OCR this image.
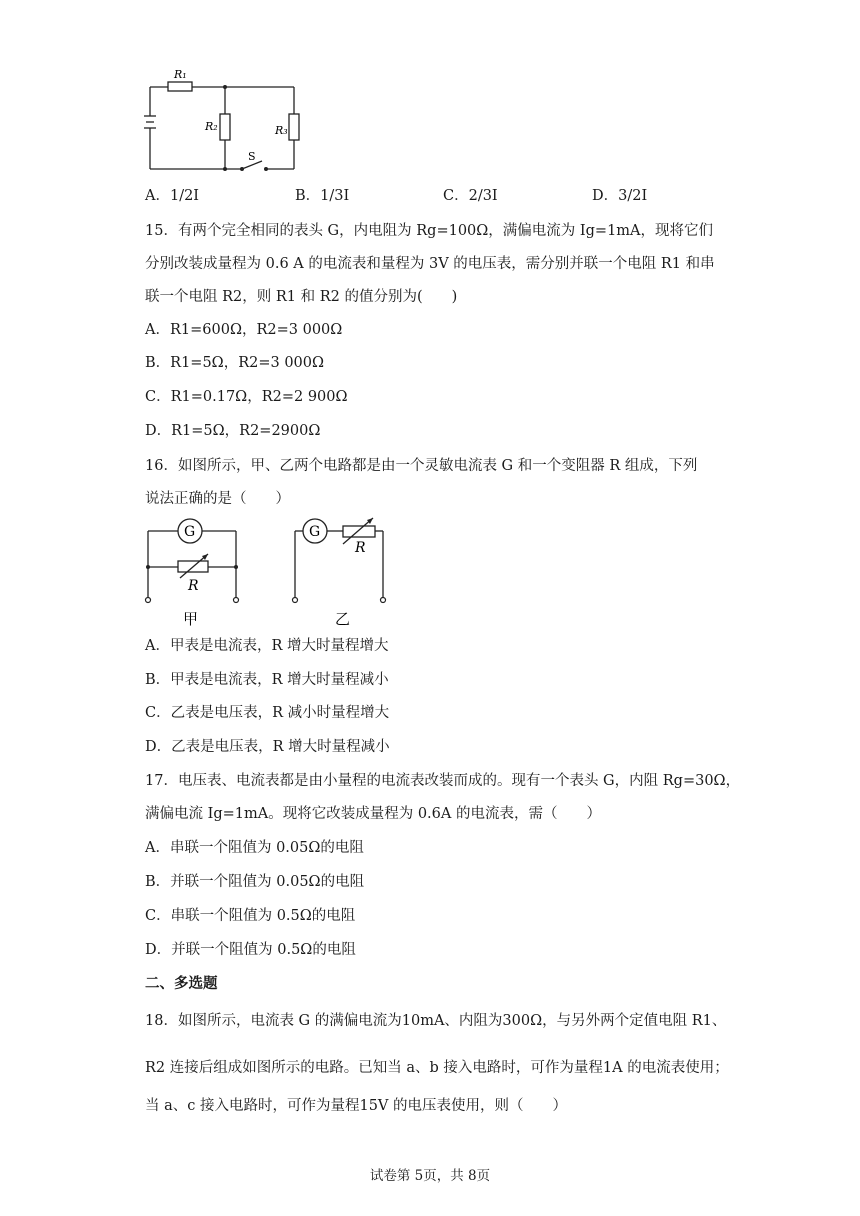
R₁
R₂	R₃
S
A．1/2I	B．1/3I	C．2/3I	D．3/2I
15．有两个完全相同的表头 G，内电阻为 Rg=100Ω，满偏电流为 Ig=1mA，现将它们
分别改装成量程为 0.6 A 的电流表和量程为 3V 的电压表，需分别并联一个电阻 R1 和串
联一个电阻 R2，则 R1 和 R2 的值分别为(　　)
A．R1=600Ω，R2=3 000Ω
B．R1=5Ω，R2=3 000Ω
C．R1=0.17Ω，R2=2 900Ω
D．R1=5Ω，R2=2900Ω
16．如图所示，甲、乙两个电路都是由一个灵敏电流表 G 和一个变阻器 R 组成，下列
说法正确的是（　　）
G
R
甲
G
R
乙
A．甲表是电流表，R 增大时量程增大
B．甲表是电流表，R 增大时量程减小
C．乙表是电压表，R 减小时量程增大
D．乙表是电压表，R 增大时量程减小
17．电压表、电流表都是由小量程的电流表改装而成的。现有一个表头 G，内阻 Rg=30Ω，
满偏电流 Ig=1mA。现将它改装成量程为 0.6A 的电流表，需（　　）
A．串联一个阻值为 0.05Ω的电阻
B．并联一个阻值为 0.05Ω的电阻
C．串联一个阻值为 0.5Ω的电阻
D．并联一个阻值为 0.5Ω的电阻
二、多选题
18．如图所示，电流表 G 的满偏电流为10mA、内阻为300Ω，与另外两个定值电阻 R1、
R2 连接后组成如图所示的电路。已知当 a、b 接入电路时，可作为量程1A 的电流表使用；
当 a、c 接入电路时，可作为量程15V 的电压表使用，则（　　）
试卷第 5页，共 8页
